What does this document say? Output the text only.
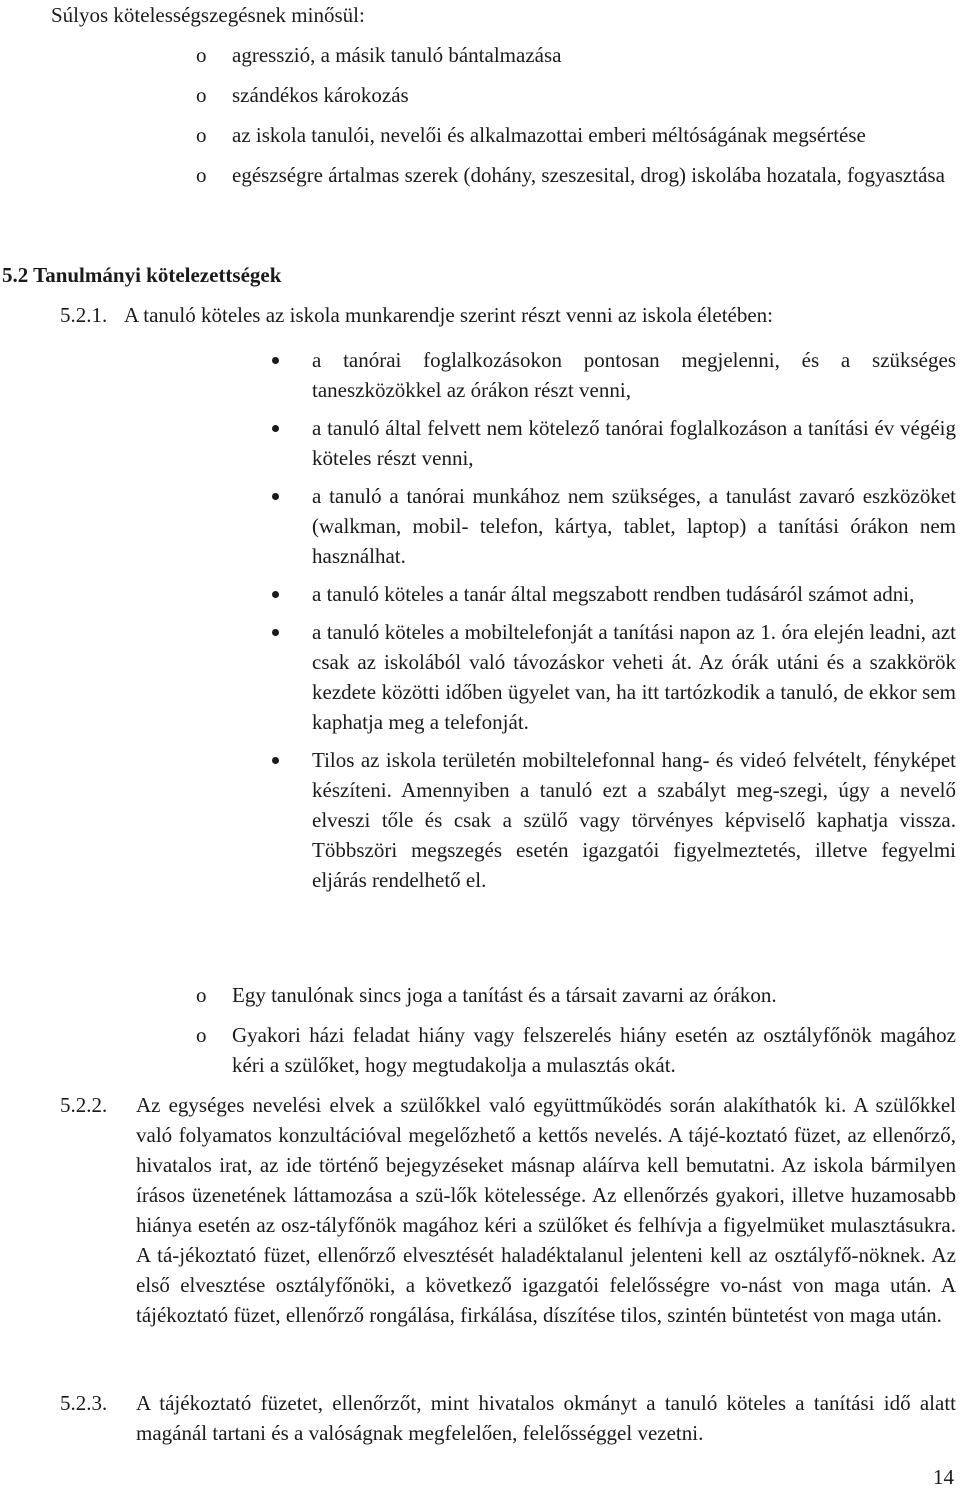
Súlyos kötelességszegésnek minősül:
o	agresszió, a másik tanuló bántalmazása
o	szándékos károkozás
o	az iskola tanulói, nevelői és alkalmazottai emberi méltóságának megsértése
o	egészségre ártalmas szerek (dohány, szeszesital, drog) iskolába hozatala, fogyasztása
5.2 Tanulmányi kötelezettségek
5.2.1. A tanuló köteles az iskola munkarendje szerint részt venni az iskola életében:
a tanórai foglalkozásokon pontosan megjelenni, és a szükséges taneszközökkel az órákon részt venni,
a tanuló által felvett nem kötelező tanórai foglalkozáson a tanítási év végéig köteles részt venni,
a tanuló a tanórai munkához nem szükséges, a tanulást zavaró eszközöket (walkman, mobil- telefon, kártya, tablet, laptop) a tanítási órákon nem használhat.
a tanuló köteles a tanár által megszabott rendben tudásáról számot adni,
a tanuló köteles a mobiltelefonját a tanítási napon az 1. óra elején leadni, azt csak az iskolából való távozáskor veheti át. Az órák utáni és a szakkörök kezdete közötti időben ügyelet van, ha itt tartózkodik a tanuló, de ekkor sem kaphatja meg a telefonját.
Tilos az iskola területén mobiltelefonnal hang- és videó felvételt, fényképet készíteni. Amennyiben a tanuló ezt a szabályt meg-szegi, úgy a nevelő elveszi tőle és csak a szülő vagy törvényes képviselő kaphatja vissza. Többszöri megszegés esetén igazgatói figyelmeztetés, illetve fegyelmi eljárás rendelhető el.
o	Egy tanulónak sincs joga a tanítást és a társait zavarni az órákon.
o	Gyakori házi feladat hiány vagy felszerelés hiány esetén az osztályfőnök magához kéri a szülőket, hogy megtudakolja a mulasztás okát.
5.2.2.	Az egységes nevelési elvek a szülőkkel való együttműködés során alakíthatók ki. A szülőkkel való folyamatos konzultációval megelőzhető a kettős nevelés. A tájé-koztató füzet, az ellenőrző, hivatalos irat, az ide történő bejegyzéseket másnap aláírva kell bemutatni. Az iskola bármilyen írásos üzenetének láttamozása a szü-lők kötelessége. Az ellenőrzés gyakori, illetve huzamosabb hiánya esetén az osz-tályfőnök magához kéri a szülőket és felhívja a figyelmüket mulasztásukra. A tá-jékoztató füzet, ellenőrző elvesztését haladéktalanul jelenteni kell az osztályfő-nöknek. Az első elvesztése osztályfőnöki, a következő igazgatói felelősségre vo-nást von maga után. A tájékoztató füzet, ellenőrző rongálása, firkálása, díszítése tilos, szintén büntetést von maga után.
5.2.3.	A tájékoztató füzetet, ellenőrzőt, mint hivatalos okmányt a tanuló köteles a tanítási idő alatt magánál tartani és a valóságnak megfelelően, felelősséggel vezetni.
14
